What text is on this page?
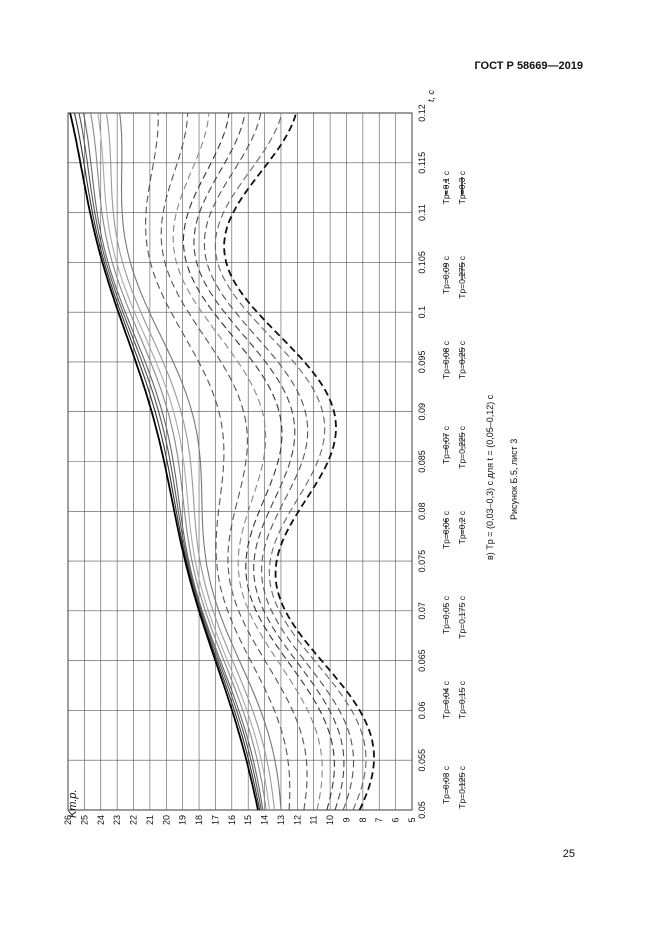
ГОСТ Р 58669—2019
0.05
0.055
0.06
0.065
0.07
0.075
0.08
0.085
0.09
0.095
0.1
0.105
0.11
0.115
0.12
5
6
7
8
9
10
11
12
13
14
15
16
17
18
19
20
21
22
23
24
25
26
t, с
Kт.р.	Tр=0,03 с Tр=0,125 с
Tр=0,04 с Tр=0,15 с
Tр=0,05 с Tр=0,175 с
Tр=0,06 с Tр=0,2 с
Tр=0,07 с Tр=0,225 с
Tр=0,08 с Tр=0,25 с
Tр=0,09 с Tр=0,275 с
Tр=0,1 с Tр=0,3 с
в) Tр = (0,03–0,3) с для t = (0,05–0,12) с Рисунок Б.5, лист 3
25
